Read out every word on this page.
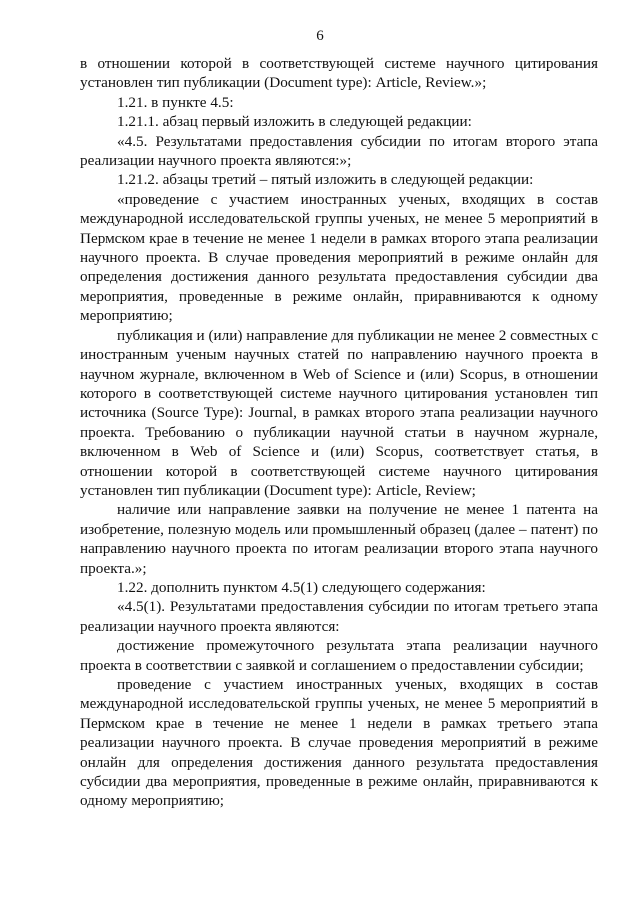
6

в отношении которой в соответствующей системе научного цитирования установлен тип публикации (Document type): Article, Review.»;

1.21. в пункте 4.5:

1.21.1. абзац первый изложить в следующей редакции:

«4.5. Результатами предоставления субсидии по итогам второго этапа реализации научного проекта являются:»;

1.21.2. абзацы третий – пятый изложить в следующей редакции:

«проведение с участием иностранных ученых, входящих в состав международной исследовательской группы ученых, не менее 5 мероприятий в Пермском крае в течение не менее 1 недели в рамках второго этапа реализации научного проекта. В случае проведения мероприятий в режиме онлайн для определения достижения данного результата предоставления субсидии два мероприятия, проведенные в режиме онлайн, приравниваются к одному мероприятию;

публикация и (или) направление для публикации не менее 2 совместных с иностранным ученым научных статей по направлению научного проекта в научном журнале, включенном в Web of Science и (или) Scopus, в отношении которого в соответствующей системе научного цитирования установлен тип источника (Source Type): Journal, в рамках второго этапа реализации научного проекта. Требованию о публикации научной статьи в научном журнале, включенном в Web of Science и (или) Scopus, соответствует статья, в отношении которой в соответствующей системе научного цитирования установлен тип публикации (Document type): Article, Review;

наличие или направление заявки на получение не менее 1 патента на изобретение, полезную модель или промышленный образец (далее – патент) по направлению научного проекта по итогам реализации второго этапа научного проекта.»;

1.22. дополнить пунктом 4.5(1) следующего содержания:

«4.5(1). Результатами предоставления субсидии по итогам третьего этапа реализации научного проекта являются:

достижение промежуточного результата этапа реализации научного проекта в соответствии с заявкой и соглашением о предоставлении субсидии;

проведение с участием иностранных ученых, входящих в состав международной исследовательской группы ученых, не менее 5 мероприятий в Пермском крае в течение не менее 1 недели в рамках третьего этапа реализации научного проекта. В случае проведения мероприятий в режиме онлайн для определения достижения данного результата предоставления субсидии два мероприятия, проведенные в режиме онлайн, приравниваются к одному мероприятию;
